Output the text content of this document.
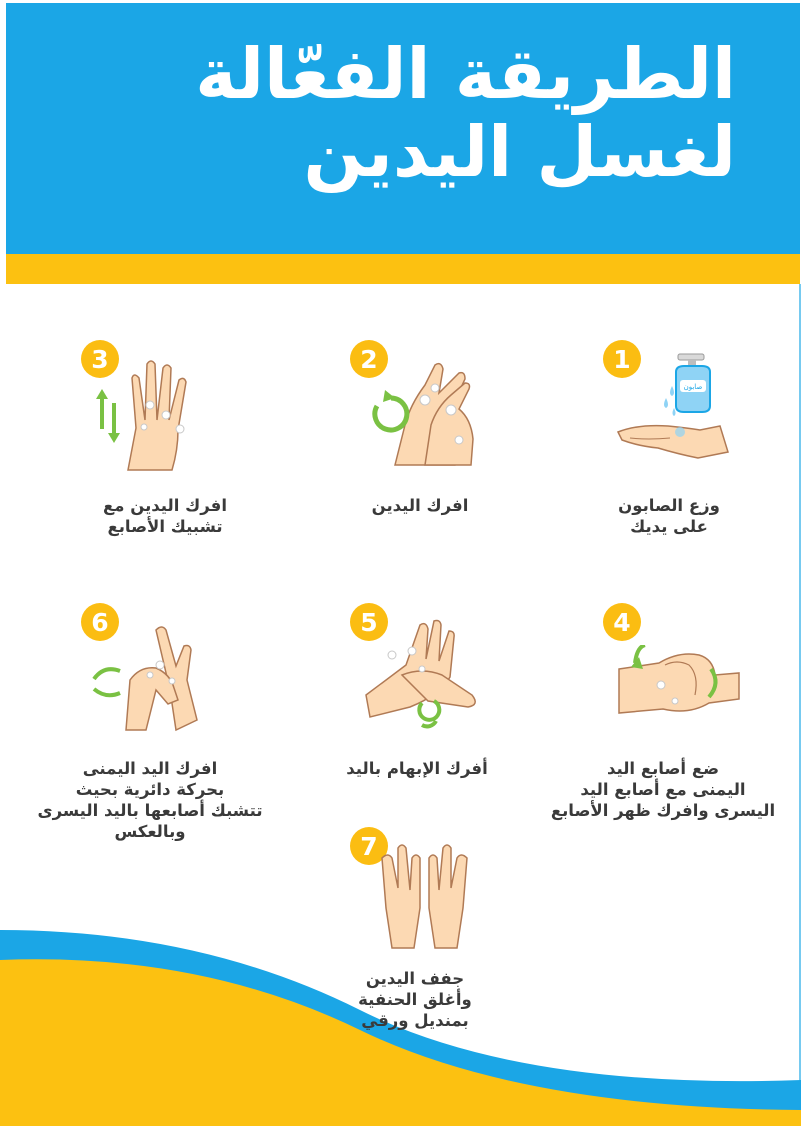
الطريقة الفعّالة
لغسل اليدين
1
صابون
وزع الصابون
على يديك
2
افرك اليدين
3
افرك اليدين مع
تشبيك الأصابع
4
ضع أصابع اليد
اليمنى مع أصابع اليد
اليسرى وافرك ظهر الأصابع
5
أفرك الإبهام باليد
6
افرك اليد اليمنى
بحركة دائرية بحيث
تتشبك أصابعها باليد اليسرى
وبالعكس	7
جفف اليدين
وأغلق الحنفية
بمنديل ورقي
